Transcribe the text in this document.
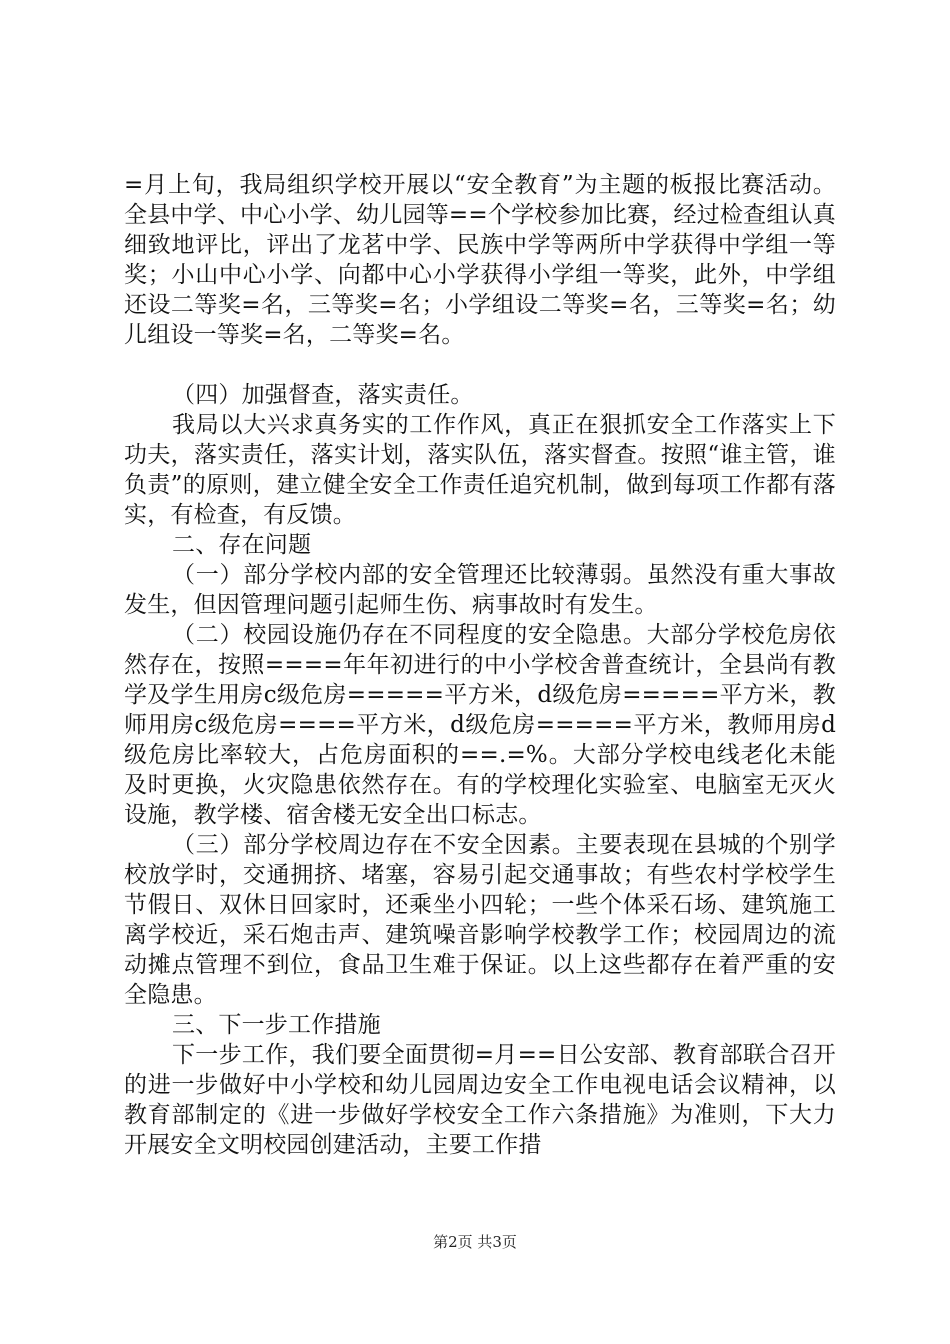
=月上旬，我局组织学校开展以“安全教育”为主题的板报比赛活动。全县中学、中心小学、幼儿园等==个学校参加比赛，经过检查组认真细致地评比，评出了龙茗中学、民族中学等两所中学获得中学组一等奖；小山中心小学、向都中心小学获得小学组一等奖，此外，中学组还设二等奖=名，三等奖=名；小学组设二等奖=名，三等奖=名；幼儿组设一等奖=名，二等奖=名。

（四）加强督查，落实责任。

我局以大兴求真务实的工作作风，真正在狠抓安全工作落实上下功夫，落实责任，落实计划，落实队伍，落实督查。按照“谁主管，谁负责”的原则，建立健全安全工作责任追究机制，做到每项工作都有落实，有检查，有反馈。

二、存在问题

（一）部分学校内部的安全管理还比较薄弱。虽然没有重大事故发生，但因管理问题引起师生伤、病事故时有发生。

（二）校园设施仍存在不同程度的安全隐患。大部分学校危房依然存在，按照====年年初进行的中小学校舍普查统计，全县尚有教学及学生用房c级危房=====平方米，d级危房=====平方米，教师用房c级危房====平方米，d级危房=====平方米，教师用房d级危房比率较大，占危房面积的==.=%。大部分学校电线老化未能及时更换，火灾隐患依然存在。有的学校理化实验室、电脑室无灭火设施，教学楼、宿舍楼无安全出口标志。

（三）部分学校周边存在不安全因素。主要表现在县城的个别学校放学时，交通拥挤、堵塞，容易引起交通事故；有些农村学校学生节假日、双休日回家时，还乘坐小四轮；一些个体采石场、建筑施工离学校近，采石炮击声、建筑噪音影响学校教学工作；校园周边的流动摊点管理不到位，食品卫生难于保证。以上这些都存在着严重的安全隐患。

三、下一步工作措施

下一步工作，我们要全面贯彻=月==日公安部、教育部联合召开的进一步做好中小学校和幼儿园周边安全工作电视电话会议精神，以教育部制定的《进一步做好学校安全工作六条措施》为准则，下大力开展安全文明校园创建活动，主要工作措

第2页 共3页
